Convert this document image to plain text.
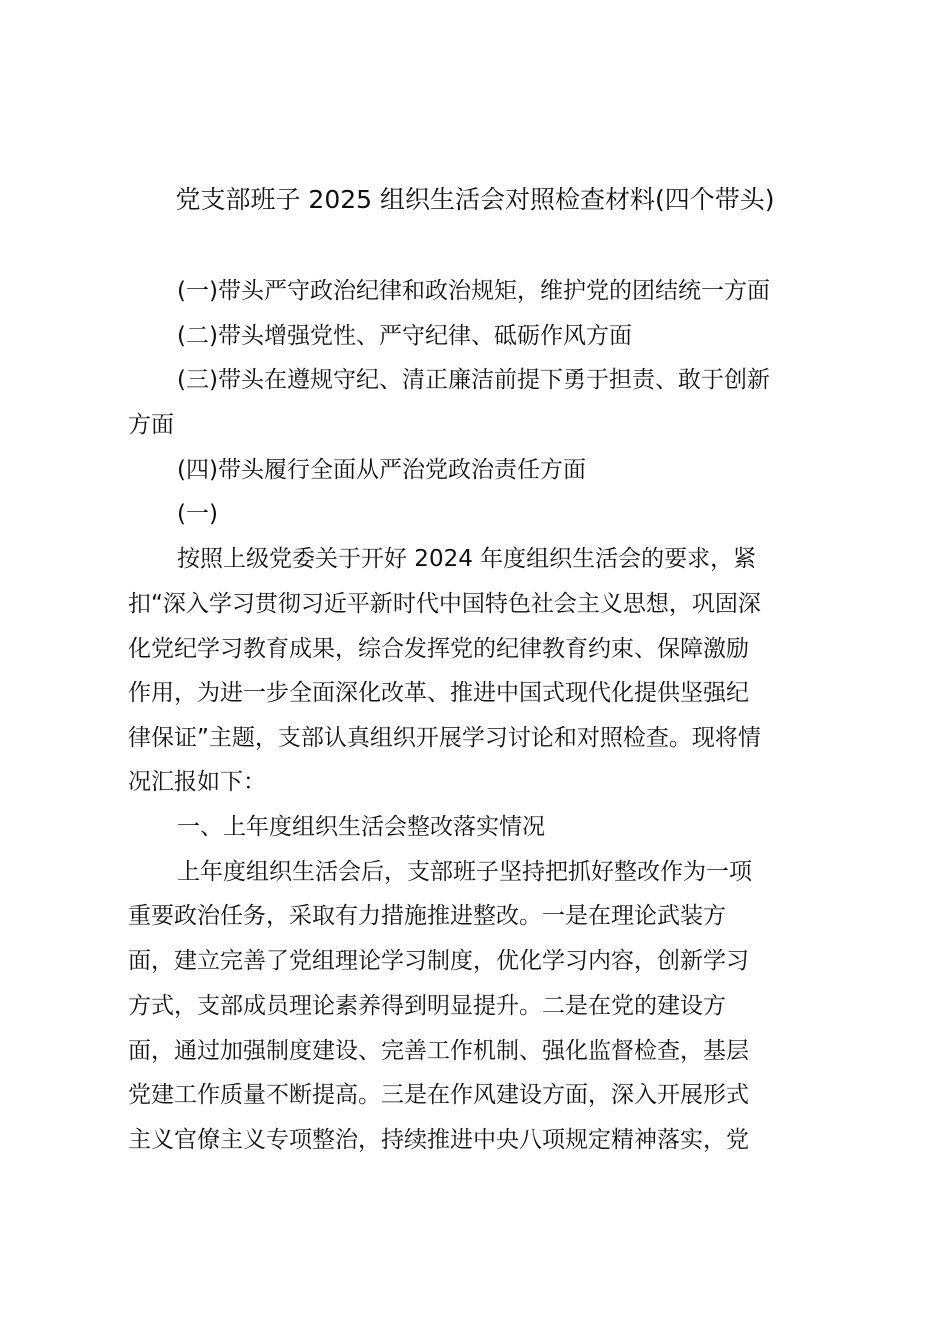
党支部班子 2025 组织生活会对照检查材料(四个带头)
(一)带头严守政治纪律和政治规矩，维护党的团结统一方面
(二)带头增强党性、严守纪律、砥砺作风方面
(三)带头在遵规守纪、清正廉洁前提下勇于担责、敢于创新
方面
(四)带头履行全面从严治党政治责任方面
(一)
按照上级党委关于开好 2024 年度组织生活会的要求，紧
扣“深入学习贯彻习近平新时代中国特色社会主义思想，巩固深
化党纪学习教育成果，综合发挥党的纪律教育约束、保障激励
作用，为进一步全面深化改革、推进中国式现代化提供坚强纪
律保证”主题，支部认真组织开展学习讨论和对照检查。现将情
况汇报如下：
一、上年度组织生活会整改落实情况
上年度组织生活会后，支部班子坚持把抓好整改作为一项
重要政治任务，采取有力措施推进整改。一是在理论武装方
面，建立完善了党组理论学习制度，优化学习内容，创新学习
方式，支部成员理论素养得到明显提升。二是在党的建设方
面，通过加强制度建设、完善工作机制、强化监督检查，基层
党建工作质量不断提高。三是在作风建设方面，深入开展形式
主义官僚主义专项整治，持续推进中央八项规定精神落实，党
